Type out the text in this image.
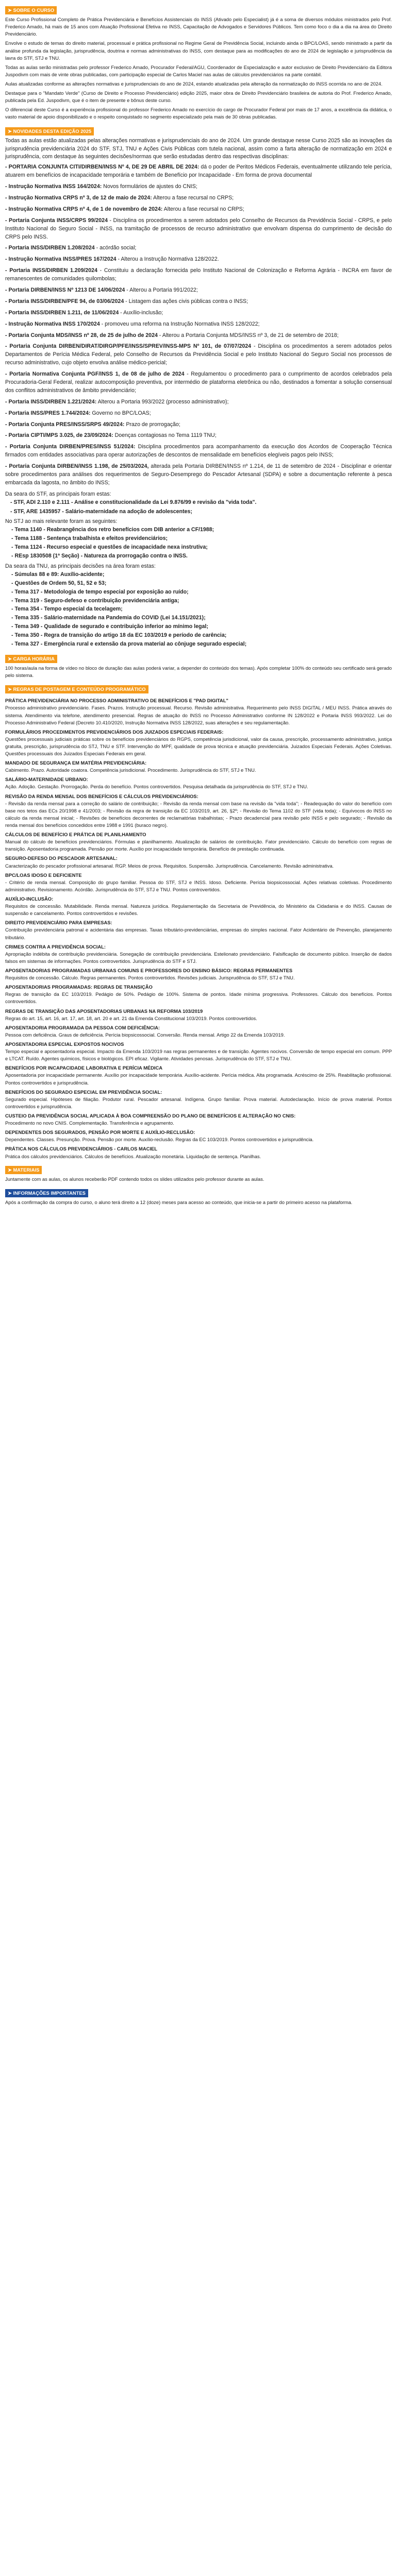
➤ SOBRE O CURSO

Este Curso Profissional Completo de Prática Previdenciária e Benefícios Assistenciais do INSS (Ativado pelo Especialist) já é a soma de diversos módulos ministrados pelo Prof. Frederico Amado, há mais de 15 anos com Atuação Profissional Efetiva no INSS, Capacitação de Advogados e Servidores Públicos. Tem como foco o dia a dia na área do Direito Previdenciário.

Envolve o estudo de temas do direito material, processual e prática profissional no Regime Geral de Previdência Social, incluindo ainda o BPC/LOAS, sendo ministrado a partir da análise profunda da legislação, jurisprudência, doutrina e normas administrativas do INSS, com destaque para as modificações do ano de 2024 de legislação e jurisprudência da lavra do STF, STJ e TNU.

Todas as aulas serão ministradas pelo professor Frederico Amado, Procurador Federal/AGU, Coordenador de Especialização e autor exclusivo de Direito Previdenciário da Editora Juspodivm com mais de vinte obras publicadas, com participação especial de Carlos Maciel nas aulas de cálculos previdenciários na parte contábil.

Aulas atualizadas conforme as alterações normativas e jurisprudenciais do ano de 2024, estando atualizadas pela alteração da normatização do INSS ocorrida no ano de 2024.

Destaque para o "Mandato Verde" (Curso de Direito e Processo Previdenciário) edição 2025, maior obra de Direito Previdenciário brasileira de autoria do Prof. Frederico Amado, publicada pela Ed. Juspodivm, que é o item de presente e bônus deste curso.

O diferencial deste Curso é a experiência profissional do professor Frederico Amado no exercício do cargo de Procurador Federal por mais de 17 anos, a excelência da didática, o vasto material de apoio disponibilizado e o respeito conquistado no segmento especializado pela mais de 30 obras publicadas.

➤ NOVIDADES DESTA EDIÇÃO 2025

Todas as aulas estão atualizadas pelas alterações normativas e jurisprudenciais do ano de 2024. Um grande destaque nesse Curso 2025 são as inovações da jurisprudência previdenciária 2024 do STF, STJ, TNU e Ações Civis Públicas com tutela nacional, assim como a farta alteração de normatização em 2024 e jurisprudência, com destaque às seguintes decisões/normas que serão estudadas dentro das respectivas disciplinas:

- PORTARIA CONJUNTA CITI/DIRBEN/INSS Nº 4, DE 29 DE ABRIL DE 2024: dá o poder de Peritos Médicos Federais, eventualmente utilizando tele perícia, atuarem em benefícios de incapacidade temporária e também de Benefício por Incapacidade - Em forma de prova documental
- Instrução Normativa INSS 164/2024: Novos formulários de ajustes do CNIS;
- Instrução Normativa CRPS nº 3, de 12 de maio de 2024: Alterou a fase recursal no CRPS;
- Instrução Normativa CRPS nº 4, de 1 de novembro de 2024: Alterou a fase recursal no CRPS;
- Portaria Conjunta INSS/CRPS 99/2024 - Disciplina os procedimentos a serem adotados pelo Conselho de Recursos da Previdência Social - CRPS, e pelo Instituto Nacional do Seguro Social - INSS, na tramitação de processos de recurso administrativo que envolvam dispensa do cumprimento de decisão do CRPS pelo INSS.
- Portaria INSS/DIRBEN 1.208/2024 - acórdão social;
- Instrução Normativa INSS/PRES 167/2024 - Alterou a Instrução Normativa 128/2022.
- Portaria INSS/DIRBEN 1.209/2024 - Constituiu a declaração fornecida pelo Instituto Nacional de Colonização e Reforma Agrária - INCRA em favor de remanescentes de comunidades quilombolas;
- Portaria DIRBEN/INSS Nº 1213 DE 14/06/2024 - Alterou a Portaria 991/2022;
- Portaria INSS/DIRBEN/PFE 94, de 03/06/2024 - Listagem das ações civis públicas contra o INSS;
- Portaria INSS/DIRBEN 1.211, de 11/06/2024 - Auxílio-inclusão;
- Instrução Normativa INSS 170/2024 - promoveu uma reforma na Instrução Normativa INSS 128/2022;
- Portaria Conjunta MDS/INSS nº 28, de 25 de julho de 2024 - Alterou a Portaria Conjunta MDS/INSS nº 3, de 21 de setembro de 2018;
- Portaria Conjunta DIRBEN/DIRAT/DIRGP/PFE/INSS/SPREV/INSS-MPS Nº 101, de 07/07/2024 - Disciplina os procedimentos a serem adotados pelos Departamentos de Perícia Médica Federal, pelo Conselho de Recursos da Previdência Social e pelo Instituto Nacional do Seguro Social nos processos de recurso administrativo, cujo objeto envolva análise médico-pericial;
- Portaria Normativa Conjunta PGF/INSS 1, de 08 de julho de 2024 - Regulamentou o procedimento para o cumprimento de acordos celebrados pela Procuradoria-Geral Federal, realizar autocomposição preventiva, por intermédio de plataforma eletrônica ou não, destinados a fomentar a solução consensual dos conflitos administrativos de âmbito previdenciário;
- Portaria INSS/DIRBEN 1.221/2024: Alterou a Portaria 993/2022 (processo administrativo);
- Portaria INSS/PRES 1.744/2024: Governo no BPC/LOAS;
- Portaria Conjunta PRES/INSS/SRPS 49/2024: Prazo de prorrogação;
- Portaria CIPTI/MPS 3.025, de 23/09/2024: Doenças contagiosas no Tema 1119 TNU;
- Portaria Conjunta DIRBEN/PRES/INSS 51/2024: Disciplina procedimentos para acompanhamento da execução dos Acordos de Cooperação Técnica firmados com entidades associativas para operar autorizações de descontos de mensalidade em benefícios elegíveis pagos pelo INSS;
- Portaria Conjunta DIRBEN/INSS 1.198, de 25/03/2024, alterada pela Portaria DIRBEN/INSS nº 1.214, de 11 de setembro de 2024 - Disciplinar e orientar sobre procedimentos para análises dos requerimentos de Seguro-Desemprego do Pescador Artesanal (SDPA) e sobre a documentação referente à pesca embarcada da lagosta, no âmbito do INSS;
Da seara do STF, as principais foram estas:
- STF, ADI 2.110 e 2.111 - Análise e constitucionalidade da Lei 9.876/99 e revisão da "vida toda".
- STF, ARE 1435957 - Salário-maternidade na adoção de adolescentes;
No STJ ao mais relevante foram as seguintes:
- Tema 1140 - Reabrangência dos retro benefícios com DIB anterior a CF/1988;
- Tema 1188 - Sentença trabalhista e efeitos previdenciários;
- Tema 1124 - Recurso especial e questões de incapacidade nexa instrutiva;
- REsp 1830508 (1ª Seção) - Natureza da prorrogação contra o INSS.
Da seara da TNU, as principais decisões na área foram estas:
- Súmulas 88 e 89: Auxílio-acidente;
- Questões de Ordem 50, 51, 52 e 53;
- Tema 317 - Metodologia de tempo especial por exposição ao ruído;
- Tema 319 - Seguro-defeso e contribuição previdenciária antiga;
- Tema 354 - Tempo especial da tecelagem;
- Tema 335 - Salário-maternidade na Pandemia do COVID (Lei 14.151/2021);
- Tema 349 - Qualidade de segurado e contribuição inferior ao mínimo legal;
- Tema 350 - Regra de transição do artigo 18 da EC 103/2019 e período de carência;
- Tema 327 - Emergência rural e extensão da prova material ao cônjuge segurado especial;
➤ CARGA HORÁRIA

100 horas/aula na forma de vídeo no bloco de duração das aulas poderá variar, a depender do conteúdo dos temas). Após completar 100% do conteúdo seu certificado será gerado pelo sistema.

➤ REGRAS DE POSTAGEM E CONTEÚDO PROGRAMÁTICO
PRÁTICA PREVIDENCIÁRIA NO PROCESSO ADMINISTRATIVO DE BENEFÍCIOS E "PAD DIGITAL"
Processo administrativo previdenciário. Fases. Prazos. Instrução processual. Recurso. Revisão administrativa. Requerimento pelo INSS DIGITAL / MEU INSS. Prática através do sistema. Atendimento via telefone, atendimento presencial. Regras de atuação do INSS no Processo Administrativo conforme IN 128/2022 e Portaria INSS 993/2022. Lei do Processo Administrativo Federal (Decreto 10.410/2020, Instrução Normativa INSS 128/2022, suas alterações e seu regulamentação.
FORMULÁRIOS PROCEDIMENTOS PREVIDENCIÁRIOS DOS JUIZADOS ESPECIAIS FEDERAIS:
Questões processuais judiciais práticas sobre os benefícios previdenciários do RGPS, competência jurisdicional, valor da causa, prescrição, processamento administrativo, justiça gratuita, prescrição, jurisprudência do STJ, TNU e STF. Intervenção do MPF, qualidade de prova técnica e atuação previdenciária. Juizados Especiais Federais. Ações Coletivas. Questões processuais dos Juizados Especiais Federais em geral.
MANDADO DE SEGURANÇA EM MATÉRIA PREVIDENCIÁRIA:
Cabimento. Prazo. Autoridade coatora. Competência jurisdicional. Procedimento. Jurisprudência do STF, STJ e TNU.
SALÁRIO-MATERNIDADE URBANO:
Ação. Adoção. Gestação. Prorrogação. Perda do benefício. Pontos controvertidos. Pesquisa detalhada da jurisprudência do STF, STJ e TNU.
REVISÃO DA RENDA MENSAL DOS BENEFÍCIOS E CÁLCULOS PREVIDENCIÁRIOS:
- Revisão da renda mensal para a correção do salário de contribuição; - Revisão da renda mensal com base na revisão da "vida toda"; - Readequação do valor do benefício com base nos tetos das ECs 20/1998 e 41/2003; - Revisão da regra de transição da EC 103/2019, art. 26, §2º; - Revisão do Tema 1102 do STF (vida toda); - Equívocos do INSS no cálculo da renda mensal inicial; - Revisões de benefícios decorrentes de reclamatórias trabalhistas; - Prazo decadencial para revisão pelo INSS e pelo segurado; - Revisão da renda mensal dos benefícios concedidos entre 1988 e 1991 (buraco negro).
CÁLCULOS DE BENEFÍCIO E PRÁTICA DE PLANILHAMENTO
Manual do cálculo de benefícios previdenciários. Fórmulas e planilhamento. Atualização de salários de contribuição. Fator previdenciário. Cálculo do benefício com regras de transição. Aposentadoria programada. Pensão por morte. Auxílio por incapacidade temporária. Benefício de prestação continuada.
SEGURO-DEFESO DO PESCADOR ARTESANAL:
Caracterização do pescador profissional artesanal. RGP. Meios de prova. Requisitos. Suspensão. Jurisprudência. Cancelamento. Revisão administrativa.
BPC/LOAS IDOSO E DEFICIENTE
- Critério de renda mensal. Composição do grupo familiar. Pessoa do STF, STJ e INSS. Idoso. Deficiente. Perícia biopsicossocial. Ações relativas coletivas. Procedimento administrativo. Revisionamento. Acórdão. Jurisprudência do STF, STJ e TNU. Pontos controvertidos.
AUXÍLIO-INCLUSÃO:
Requisitos de concessão. Mutabilidade. Renda mensal. Natureza jurídica. Regulamentação da Secretaria de Previdência, do Ministério da Cidadania e do INSS. Causas de suspensão e cancelamento. Pontos controvertidos e revisões.
DIREITO PREVIDENCIÁRIO PARA EMPRESAS:
Contribuição previdenciária patronal e acidentária das empresas. Taxas tributário-previdenciárias, empresas do simples nacional. Fator Acidentário de Prevenção, planejamento tributário.
CRIMES CONTRA A PREVIDÊNCIA SOCIAL:
Apropriação indébita de contribuição previdenciária. Sonegação de contribuição previdenciária. Estelionato previdenciário. Falsificação de documento público. Inserção de dados falsos em sistemas de informações. Pontos controvertidos. Jurisprudência do STF e STJ.
APOSENTADORIAS PROGRAMADAS URBANAS COMUNS E PROFESSORES DO ENSINO BÁSICO: REGRAS PERMANENTES
Requisitos de concessão. Cálculo. Regras permanentes. Pontos controvertidos. Revisões judiciais. Jurisprudência do STF, STJ e TNU.
APOSENTADORIAS PROGRAMADAS: REGRAS DE TRANSIÇÃO
Regras de transição da EC 103/2019. Pedágio de 50%. Pedágio de 100%. Sistema de pontos. Idade mínima progressiva. Professores. Cálculo dos benefícios. Pontos controvertidos.
REGRAS DE TRANSIÇÃO DAS APOSENTADORIAS URBANAS NA REFORMA 103/2019
Regras do art. 15, art. 16, art. 17, art. 18, art. 20 e art. 21 da Emenda Constitucional 103/2019. Pontos controvertidos.
APOSENTADORIA PROGRAMADA DA PESSOA COM DEFICIÊNCIA:
Pessoa com deficiência. Graus de deficiência. Perícia biopsicossocial. Conversão. Renda mensal. Artigo 22 da Emenda 103/2019.
APOSENTADORIA ESPECIAL EXPOSTOS NOCIVOS
Tempo especial e aposentadoria especial. Impacto da Emenda 103/2019 nas regras permanentes e de transição. Agentes nocivos. Conversão de tempo especial em comum. PPP e LTCAT. Ruído. Agentes químicos, físicos e biológicos. EPI eficaz. Vigilante. Atividades penosas. Jurisprudência do STF, STJ e TNU.
BENEFÍCIOS POR INCAPACIDADE LABORATIVA E PERÍCIA MÉDICA
Aposentadoria por incapacidade permanente. Auxílio por incapacidade temporária. Auxílio-acidente. Perícia médica. Alta programada. Acréscimo de 25%. Reabilitação profissional. Pontos controvertidos e jurisprudência.
BENEFÍCIOS DO SEGURADO ESPECIAL EM PREVIDÊNCIA SOCIAL:
Segurado especial. Hipóteses de filiação. Produtor rural. Pescador artesanal. Indígena. Grupo familiar. Prova material. Autodeclaração. Início de prova material. Pontos controvertidos e jurisprudência.
CUSTEIO DA PREVIDÊNCIA SOCIAL APLICADA À BOA COMPREENSÃO DO PLANO DE BENEFÍCIOS E ALTERAÇÃO NO CNIS:
Procedimento no novo CNIS. Complementação. Transferência e agrupamento.
DEPENDENTES DOS SEGURADOS, PENSÃO POR MORTE E AUXÍLIO-RECLUSÃO:
Dependentes. Classes. Presunção. Prova. Pensão por morte. Auxílio-reclusão. Regras da EC 103/2019. Pontos controvertidos e jurisprudência.
PRÁTICA NOS CÁLCULOS PREVIDENCIÁRIOS - CARLOS MACIEL
Prática dos cálculos previdenciários. Cálculos de benefícios. Atualização monetária. Liquidação de sentença. Planilhas.
➤ MATERIAIS

Juntamente com as aulas, os alunos receberão PDF contendo todos os slides utilizados pelo professor durante as aulas.

➤ INFORMAÇÕES IMPORTANTES

Após a confirmação da compra do curso, o aluno terá direito a 12 (doze) meses para acesso ao conteúdo, que inicia-se a partir do primeiro acesso na plataforma.
